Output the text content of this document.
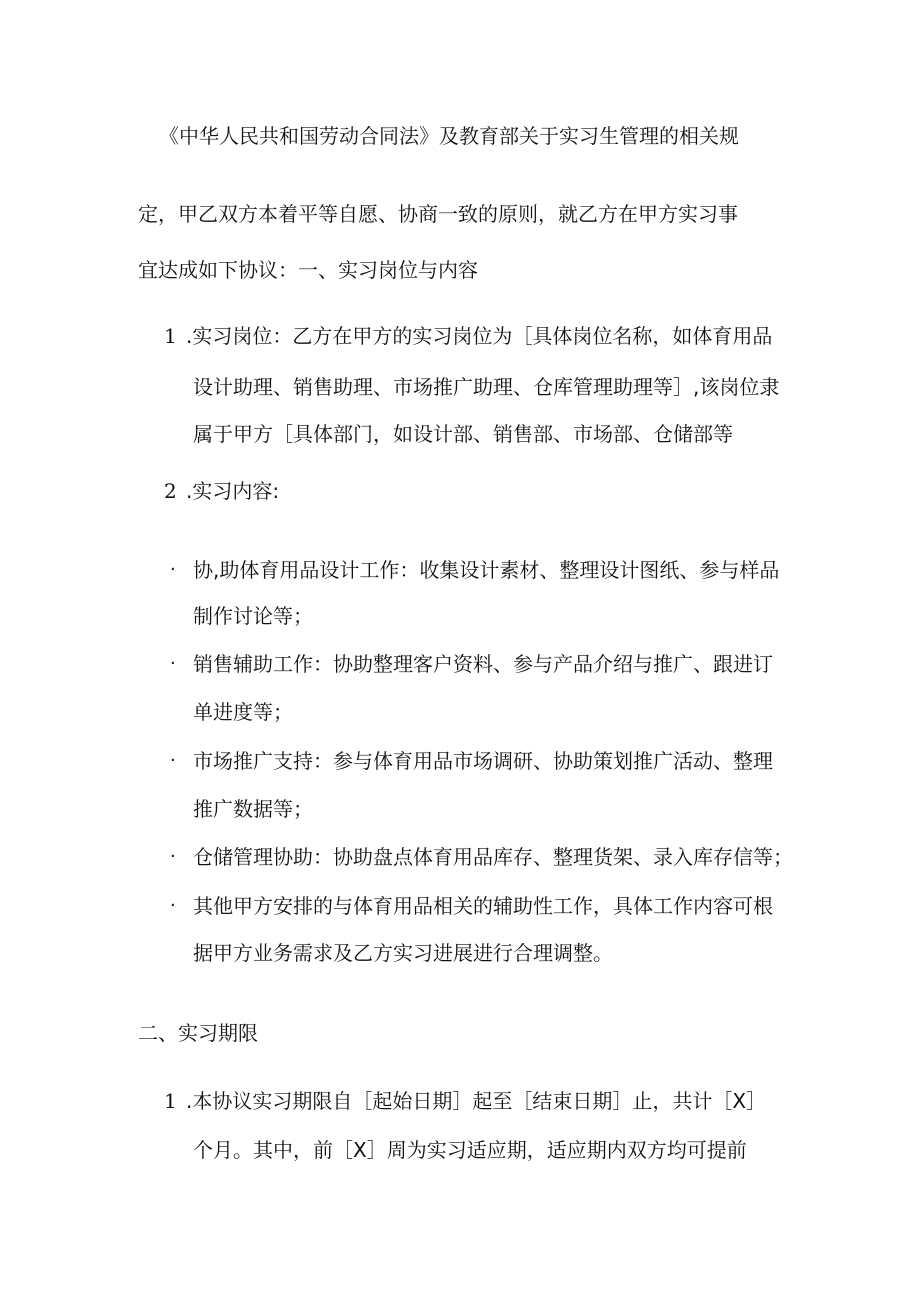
《中华人民共和国劳动合同法》及教育部关于实习生管理的相关规
定，甲乙双方本着平等自愿、协商一致的原则，就乙方在甲方实习事
宜达成如下协议：一、实习岗位与内容
1 .实习岗位：乙方在甲方的实习岗位为［具体岗位名称，如体育用品
设计助理、销售助理、市场推广助理、仓库管理助理等］,该岗位隶
属于甲方［具体部门，如设计部、销售部、市场部、仓储部等
2 .实习内容:
· 协,助体育用品设计工作：收集设计素材、整理设计图纸、参与样品
制作讨论等；
· 销售辅助工作：协助整理客户资料、参与产品介绍与推广、跟进订
单进度等；
· 市场推广支持：参与体育用品市场调研、协助策划推广活动、整理
推广数据等；
· 仓储管理协助：协助盘点体育用品库存、整理货架、录入库存信等；
· 其他甲方安排的与体育用品相关的辅助性工作，具体工作内容可根
据甲方业务需求及乙方实习进展进行合理调整。
二、实习期限
1 .本协议实习期限自［起始日期］起至［结束日期］止，共计［X］
个月。其中，前［X］周为实习适应期，适应期内双方均可提前
